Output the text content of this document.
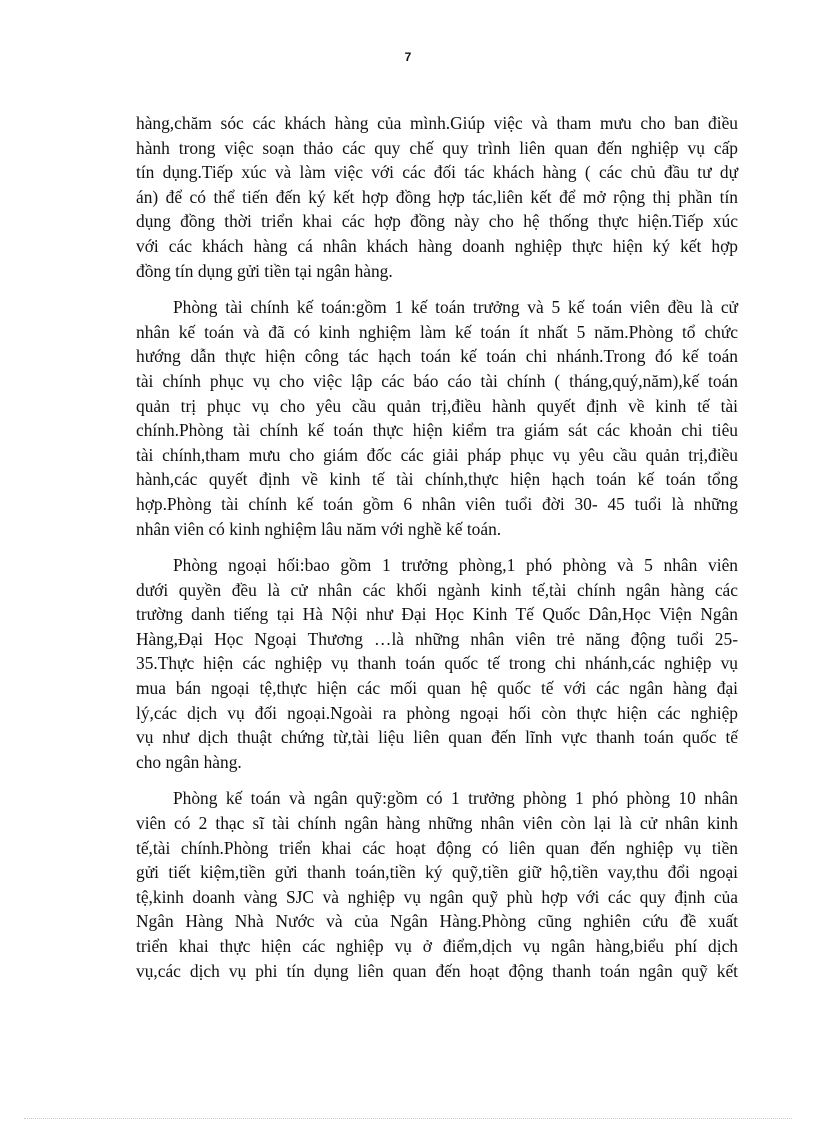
7

hàng,chăm sóc các khách hàng của mình.Giúp việc và tham mưu cho ban điều
hành trong việc soạn thảo các quy chế quy trình liên quan đến nghiệp vụ cấp
tín dụng.Tiếp xúc và làm việc với các đối tác khách hàng ( các chủ đầu tư dự
án) để có thể tiến đến ký kết hợp đồng hợp tác,liên kết để mở rộng thị phần tín
dụng đồng thời triển khai các hợp đồng này cho hệ thống thực hiện.Tiếp xúc
với các khách hàng cá nhân khách hàng doanh nghiệp thực hiện ký kết hợp
đồng tín dụng gửi tiền tại ngân hàng.

Phòng tài chính kế toán:gồm 1 kế toán trưởng và 5 kế toán viên đều là cử
nhân kế toán và đã có kinh nghiệm làm kế toán ít nhất 5 năm.Phòng tổ chức
hướng dẫn thực hiện công tác hạch toán kế toán chi nhánh.Trong đó kế toán
tài chính phục vụ cho việc lập các báo cáo tài chính ( tháng,quý,năm),kế toán
quản trị phục vụ cho yêu cầu quản trị,điều hành quyết định về kinh tế tài
chính.Phòng tài chính kế toán thực hiện kiểm tra giám sát các khoản chi tiêu
tài chính,tham mưu cho giám đốc các giải pháp phục vụ yêu cầu quản trị,điều
hành,các quyết định về kinh tế tài chính,thực hiện hạch toán kế toán tổng
hợp.Phòng tài chính kế toán gồm 6 nhân viên tuổi đời 30- 45 tuổi là những
nhân viên có kinh nghiệm lâu năm với nghề kế toán.

Phòng ngoại hối:bao gồm 1 trưởng phòng,1 phó phòng và 5 nhân viên
dưới quyền đều là cử nhân các khối ngành kinh tế,tài chính ngân hàng các
trường danh tiếng tại Hà Nội như Đại Học Kinh Tế Quốc Dân,Học Viện Ngân
Hàng,Đại Học Ngoại Thương …là những nhân viên trẻ năng động tuổi 25-
35.Thực hiện các nghiệp vụ thanh toán quốc tế trong chi nhánh,các nghiệp vụ
mua bán ngoại tệ,thực hiện các mối quan hệ quốc tế với các ngân hàng đại
lý,các dịch vụ đối ngoại.Ngoài ra phòng ngoại hối còn thực hiện các nghiệp
vụ như dịch thuật chứng từ,tài liệu liên quan đến lĩnh vực thanh toán quốc tế
cho ngân hàng.

Phòng kế toán và ngân quỹ:gồm có 1 trưởng phòng 1 phó phòng 10 nhân
viên có 2 thạc sĩ tài chính ngân hàng những nhân viên còn lại là cử nhân kinh
tế,tài chính.Phòng triển khai các hoạt động có liên quan đến nghiệp vụ tiền
gửi tiết kiệm,tiền gửi thanh toán,tiền ký quỹ,tiền giữ hộ,tiền vay,thu đổi ngoại
tệ,kinh doanh vàng SJC và nghiệp vụ ngân quỹ phù hợp với các quy định của
Ngân Hàng Nhà Nước và của Ngân Hàng.Phòng cũng nghiên cứu đề xuất
triển khai thực hiện các nghiệp vụ ở điểm,dịch vụ ngân hàng,biểu phí dịch
vụ,các dịch vụ phi tín dụng liên quan đến hoạt động thanh toán ngân quỹ kết
